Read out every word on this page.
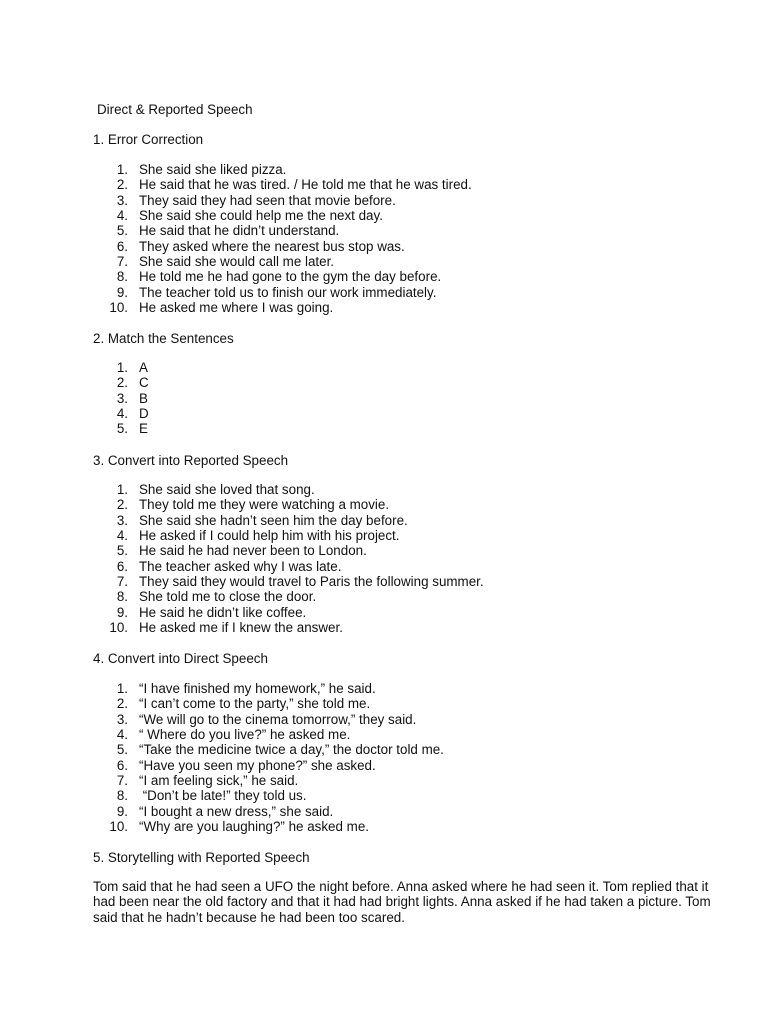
Direct & Reported Speech
1. Error Correction
1. She said she liked pizza.
2. He said that he was tired. / He told me that he was tired.
3. They said they had seen that movie before.
4. She said she could help me the next day.
5. He said that he didn’t understand.
6. They asked where the nearest bus stop was.
7. She said she would call me later.
8. He told me he had gone to the gym the day before.
9. The teacher told us to finish our work immediately.
10. He asked me where I was going.
2. Match the Sentences
1. A
2. C
3. B
4. D
5. E
3. Convert into Reported Speech
1. She said she loved that song.
2. They told me they were watching a movie.
3. She said she hadn’t seen him the day before.
4. He asked if I could help him with his project.
5. He said he had never been to London.
6. The teacher asked why I was late.
7. They said they would travel to Paris the following summer.
8. She told me to close the door.
9. He said he didn’t like coffee.
10. He asked me if I knew the answer.
4. Convert into Direct Speech
1. “I have finished my homework,” he said.
2. “I can’t come to the party,” she told me.
3. “We will go to the cinema tomorrow,” they said.
4. “ Where do you live?” he asked me.
5. “Take the medicine twice a day,” the doctor told me.
6. “Have you seen my phone?” she asked.
7. “I am feeling sick,” he said.
8. “Don’t be late!” they told us.
9. “I bought a new dress,” she said.
10. “Why are you laughing?” he asked me.
5. Storytelling with Reported Speech

Tom said that he had seen a UFO the night before. Anna asked where he had seen it. Tom replied that it had been near the old factory and that it had had bright lights. Anna asked if he had taken a picture. Tom said that he hadn’t because he had been too scared.
